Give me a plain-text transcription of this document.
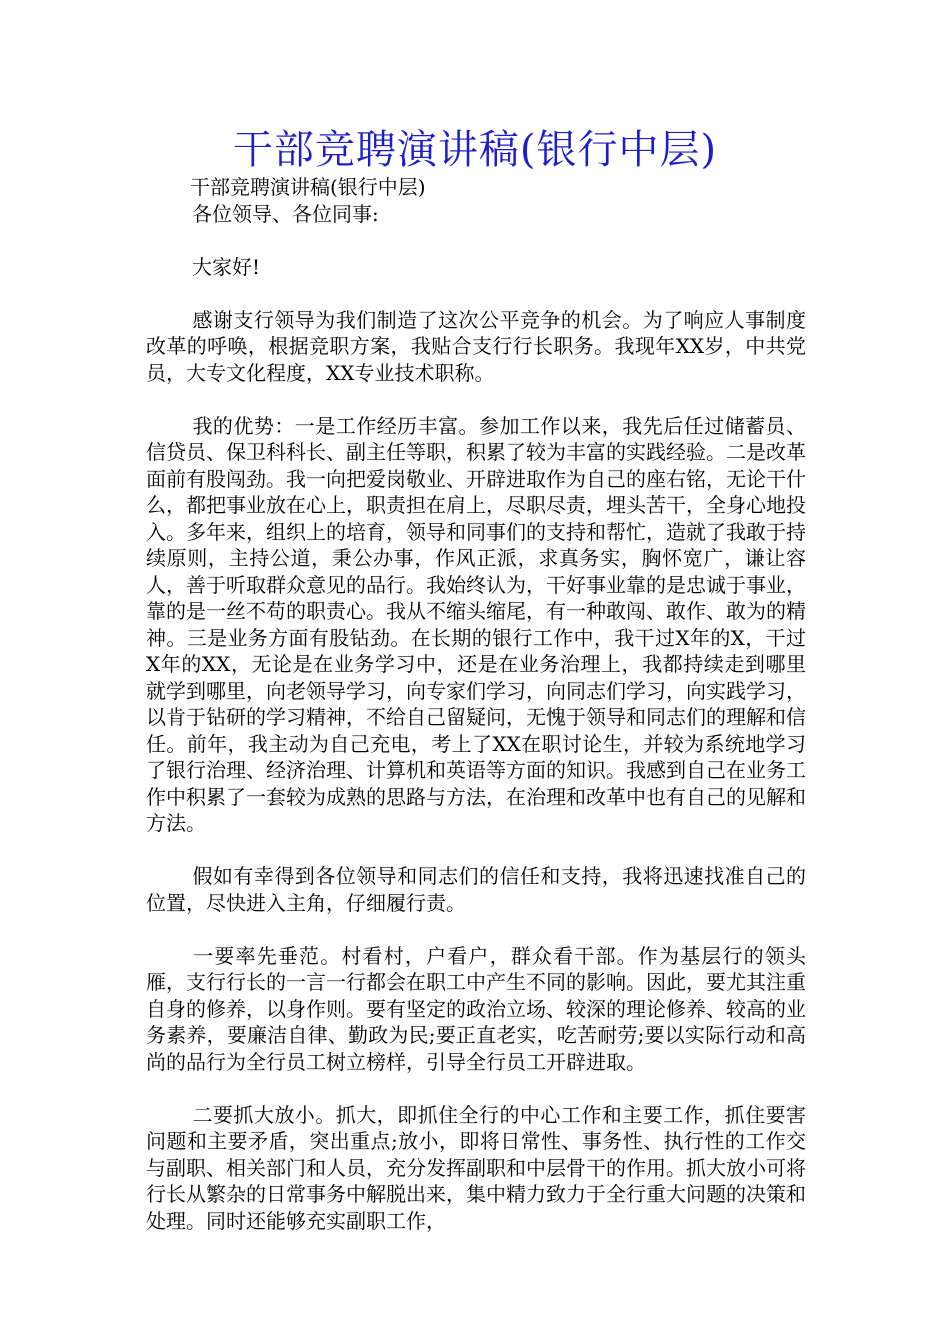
干部竞聘演讲稿(银行中层)
干部竞聘演讲稿(银行中层)
各位领导、各位同事:
大家好!
感谢支行领导为我们制造了这次公平竞争的机会。为了响应人事制度改革的呼唤，根据竞职方案，我贴合支行行长职务。我现年XX岁，中共党员，大专文化程度，XX专业技术职称。
我的优势：一是工作经历丰富。参加工作以来，我先后任过储蓄员、信贷员、保卫科科长、副主任等职，积累了较为丰富的实践经验。二是改革面前有股闯劲。我一向把爱岗敬业、开辟进取作为自己的座右铭，无论干什么，都把事业放在心上，职责担在肩上，尽职尽责，埋头苦干，全身心地投入。多年来，组织上的培育，领导和同事们的支持和帮忙，造就了我敢于持续原则，主持公道，秉公办事，作风正派，求真务实，胸怀宽广，谦让容人，善于听取群众意见的品行。我始终认为，干好事业靠的是忠诚于事业，靠的是一丝不苟的职责心。我从不缩头缩尾，有一种敢闯、敢作、敢为的精神。三是业务方面有股钻劲。在长期的银行工作中，我干过X年的X，干过X年的XX，无论是在业务学习中，还是在业务治理上，我都持续走到哪里就学到哪里，向老领导学习，向专家们学习，向同志们学习，向实践学习，以肯于钻研的学习精神，不给自己留疑问，无愧于领导和同志们的理解和信任。前年，我主动为自己充电，考上了XX在职讨论生，并较为系统地学习了银行治理、经济治理、计算机和英语等方面的知识。我感到自己在业务工作中积累了一套较为成熟的思路与方法，在治理和改革中也有自己的见解和方法。
假如有幸得到各位领导和同志们的信任和支持，我将迅速找准自己的位置，尽快进入主角，仔细履行责。
一要率先垂范。村看村，户看户，群众看干部。作为基层行的领头雁，支行行长的一言一行都会在职工中产生不同的影响。因此，要尤其注重自身的修养，以身作则。要有坚定的政治立场、较深的理论修养、较高的业务素养，要廉洁自律、勤政为民;要正直老实，吃苦耐劳;要以实际行动和高尚的品行为全行员工树立榜样，引导全行员工开辟进取。
二要抓大放小。抓大，即抓住全行的中心工作和主要工作，抓住要害问题和主要矛盾，突出重点;放小，即将日常性、事务性、执行性的工作交与副职、相关部门和人员，充分发挥副职和中层骨干的作用。抓大放小可将行长从繁杂的日常事务中解脱出来，集中精力致力于全行重大问题的决策和处理。同时还能够充实副职工作，
